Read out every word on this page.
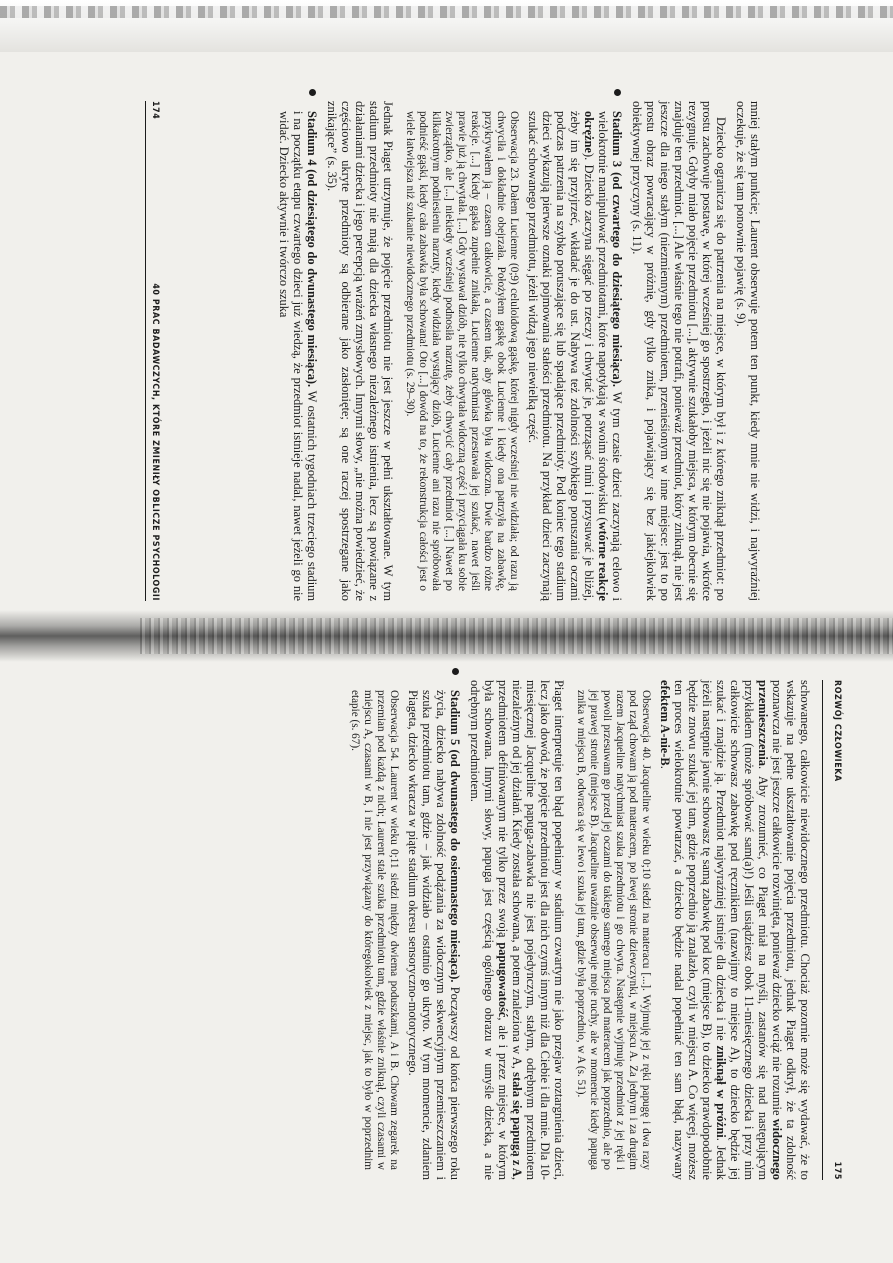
174
40 PRAC BADAWCZYCH, KTÓRE ZMIENIŁY OBLICZE PSYCHOLOGII	mniej stałym punkcie; Laurent obserwuje potem ten punkt, kiedy mnie nie widzi, i najwyraźniej oczekuje, że się tam ponownie pojawię (s. 9).

Dziecko ogranicza się do patrzenia na miejsce, w którym był i z którego zniknął przedmiot: po prostu zachowuje postawę, w której wcześniej go spostrzegło, i jeżeli nic się nie pojawia, wkrótce rezygnuje. Gdyby miało pojęcie przedmiotu [...], aktywnie szukałoby miejsca, w którym obecnie się znajduje ten przedmiot. [...] Ale właśnie tego nie potrafi, ponieważ przedmiot, który zniknął, nie jest jeszcze dla niego stałym (niezmiennym) przedmiotem, przenieśionym w inne miejsce: jest to po prostu obraz powracający w próżnię, gdy tylko znika, i pojawiający się bez jakiejkolwiek obiektywnej przyczyny (s. 11).

Stadium 3 (od czwartego do dziesiątego miesiąca). W tym czasie dzieci zaczynają celowo i wielokrotnie manipulować przedmiotami, które napotykają w swoim środowisku (wtórne reakcje okrężne). Dziecko zaczyna sięgać po rzeczy i chwytać je, potrząsać nimi i przysuwać je bliżej, żeby im się przyjrzeć, wkładać je do ust. Nabywa też zdolności szybkiego poruszania oczami podczas patrzenia na szybko poruszające się lub spadające przedmioty. Pod koniec tego stadium dzieci wykazują pierwsze oznaki pojmowania stałości przedmiotu. Na przykład dzieci zaczynają szukać schowanego przedmiotu, jeżeli widzą jego niewielką część.

Obserwacja 23. Dałem Lucienne (0;9) celuloidową gąskę, której nigdy wcześniej nie widziała; od razu ją chwyciła i dokładnie obejrzała. Położyłem gąskę obok Lucienne i kiedy ona patrzyła na zabawkę, przykrywałem ją – czasem całkowicie, a czasem tak, aby główka była widoczna. Dwie bardzo różne reakcje. [...] Kiedy gąska zupełnie znikała, Lucienne natychmiast przestawała jej szukać, nawet jeśli prawie już ją chwytała. [...] Gdy wystawał dziób, nie tylko chwytała widoczną część i przyciągała ku sobie zwierzątko, ale [...] niekiedy wcześniej podnosiła narzutę, żeby chwycić cały przedmiot [...] Nawet po kilkakrotnym podniesieniu narzuty, kiedy widziała wystający dziób, Lucienne ani razu nie spróbowała podnieść gąski, kiedy cała zabawka była schowana! Oto [...] dowód na to, że rekonstrukcja całości jest o wiele łatwiejsza niż szukanie niewidocznego przedmiotu (s. 29–30).

Jednak Piaget utrzymuje, że pojęcie przedmiotu nie jest jeszcze w pełni ukształtowane. W tym stadium przedmioty nie mają dla dziecka własnego niezależnego istnienia, lecz są powiązane z działaniami dziecka i jego percepcją wrażeń zmysłowych. Innymi słowy, „nie można powiedzieć, że częściowo ukryte przedmioty są odbierane jako zasłonięte; są one raczej spostrzegane jako znikające” (s. 35).

Stadium 4 (od dziesiątego do dwunastego miesiąca). W ostatnich tygodniach trzeciego stadium i na początku etapu czwartego dzieci już wiedzą, że przedmiot istnieje nadal, nawet jeżeli go nie widać. Dziecko aktywnie i twórczo szuka

ROZWÓJ CZŁOWIEKA
175

schowanego, całkowicie niewidocznego przedmiotu. Chociaż pozornie może się wydawać, że to wskazuje na pełne ukształtowanie pojęcia przedmiotu, jednak Piaget odkrył, że ta zdolność poznawcza nie jest jeszcze całkowicie rozwinięta, ponieważ dziecko wciąż nie rozumie widocznego przemieszczenia. Aby zrozumieć, co Piaget miał na myśli, zastanów się nad następującym przykładem (może spróbować sam(a)!) Jeśli usiądziesz obok 11-miesięcznego dziecka i przy nim całkowicie schowasz zabawkę pod ręcznikiem (nazwijmy to miejsce A), to dziecko będzie jej szukać i znajdzie ją. Przedmiot najwyraźniej istnieje dla dziecka i nie zniknął w próżni. Jednak jeżeli następnie jawnie schowasz tę samą zabawkę pod koc (miejsce B), to dziecko prawdopodobnie będzie znowu szukać jej tam, gdzie poprzednio ją znalazło, czyli w miejscu A. Co więcej, możesz ten proces wielokrotnie powtarzać, a dziecko będzie nadal popełniać ten sam błąd, nazywany efektem A-nie-B.

Obserwacja 40. Jacqueline w wieku 0;10 siedzi na materacu [...]. Wyjmuję jej z ręki papugę i dwa razy pod rząd chowam ją pod materacem, po lewej stronie dziewczynki, w miejscu A. Za jednym i za drugim razem Jacqueline natychmiast szuka przedmiotu i go chwyta. Następnie wyjmuję przedmiot z jej ręki i powoli przesuwam go przed jej oczami do takiego samego miejsca pod materacem jak poprzednio, ale po jej prawej stronie (miejsce B). Jacqueline uważnie obserwuje moje ruchy, ale w momencie kiedy papuga znika w miejscu B, odwraca się w lewo i szuka jej tam, gdzie była poprzednio, w A (s. 51).

Piaget interpretuje ten błąd popełniany w stadium czwartym nie jako przejaw roztargnienia dzieci, lecz jako dowód, że pojęcie przedmiotu jest dla nich czymś innym niż dla Ciebie i dla mnie. Dla 10-miesięcznej Jacqueline papuga-zabawka nie jest pojedynczym, stałym, odrębnym przedmiotem niezależnym od jej działań. Kiedy została schowana, a potem znaleziona w A, stała się papugą z A, przedmiotem definiowanym nie tylko przez swoją papugowatość, ale i przez miejsce, w którym była schowana. Innymi słowy, papuga jest częścią ogólnego obrazu w umyśle dziecka, a nie odrębnym przedmiotem.

Stadium 5 (od dwunastego do osiemnastego miesiąca). Począwszy od końca pierwszego roku życia, dziecko nabywa zdolność podążania za widocznym sekwencyjnym przemieszczaniem i szuka przedmiotu tam, gdzie – jak widziało – ostatnio go ukryto. W tym momencie, zdaniem Piageta, dziecko wkracza w piąte stadium okresu sensoryczno-motorycznego.

Obserwacja 54. Laurent w wieku 0;11 siedzi między dwiema poduszkami, A i B. Chowam zegarek na przemian pod każdą z nich; Laurent stale szuka przedmiotu tam, gdzie właśnie zniknął, czyli czasami w miejscu A, czasami w B, i nie jest przywiązany do któregokolwiek z miejsc, jak to było w poprzednim etapie (s. 67).
